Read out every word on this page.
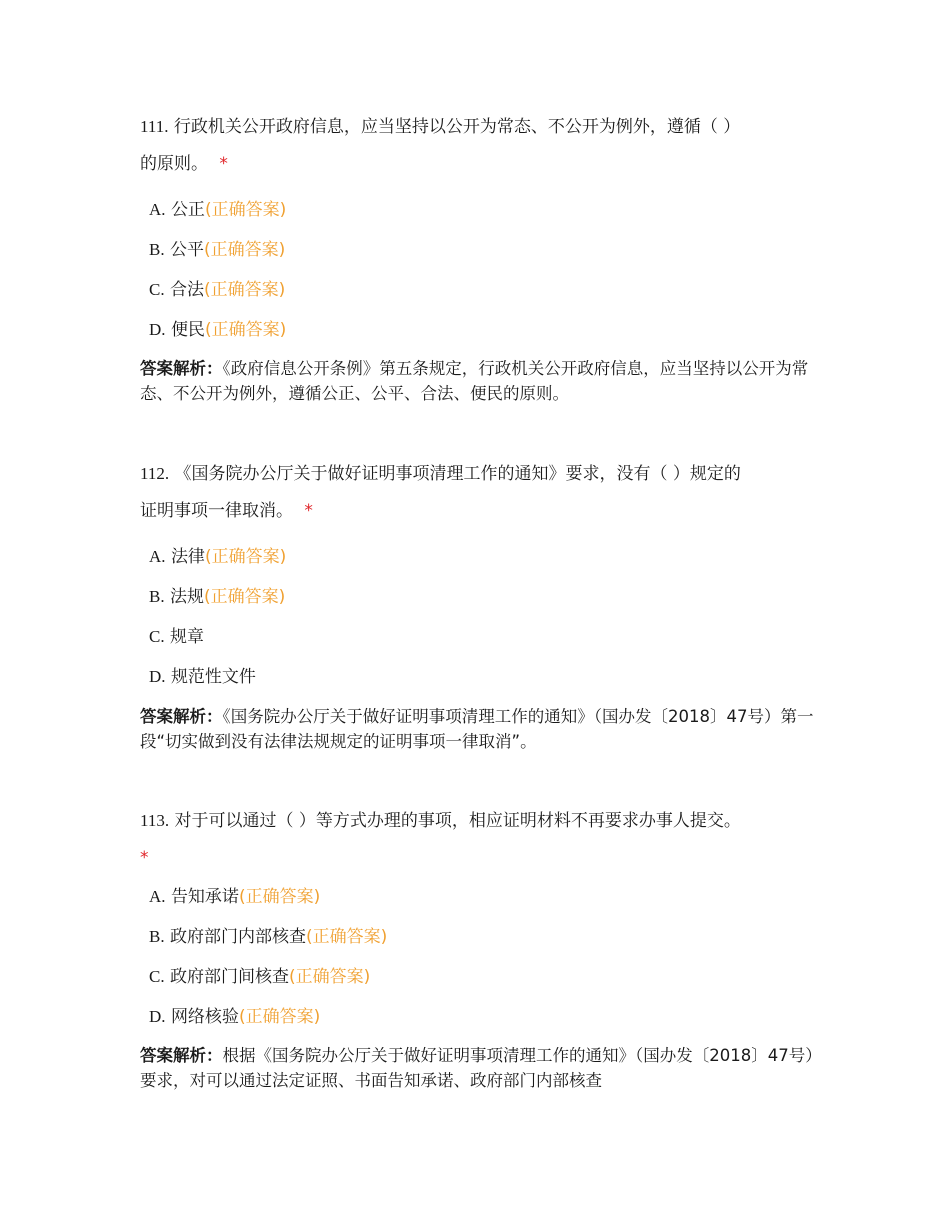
111. 行政机关公开政府信息，应当坚持以公开为常态、不公开为例外，遵循（ ）
的原则。 *

A. 公正(正确答案)
B. 公平(正确答案)
C. 合法(正确答案)
D. 便民(正确答案)

答案解析：《政府信息公开条例》第五条规定，行政机关公开政府信息，应当坚持以公开为常态、不公开为例外，遵循公正、公平、合法、便民的原则。

112. 《国务院办公厅关于做好证明事项清理工作的通知》要求，没有（ ）规定的
证明事项一律取消。 *

A. 法律(正确答案)
B. 法规(正确答案)
C. 规章
D. 规范性文件

答案解析：《国务院办公厅关于做好证明事项清理工作的通知》（国办发〔2018〕47号）第一段“切实做到没有法律法规规定的证明事项一律取消”。

113. 对于可以通过（ ）等方式办理的事项，相应证明材料不再要求办事人提交。
*

A. 告知承诺(正确答案)
B. 政府部门内部核查(正确答案)
C. 政府部门间核查(正确答案)
D. 网络核验(正确答案)

答案解析：根据《国务院办公厅关于做好证明事项清理工作的通知》（国办发〔2018〕47号）要求，对可以通过法定证照、书面告知承诺、政府部门内部核查
